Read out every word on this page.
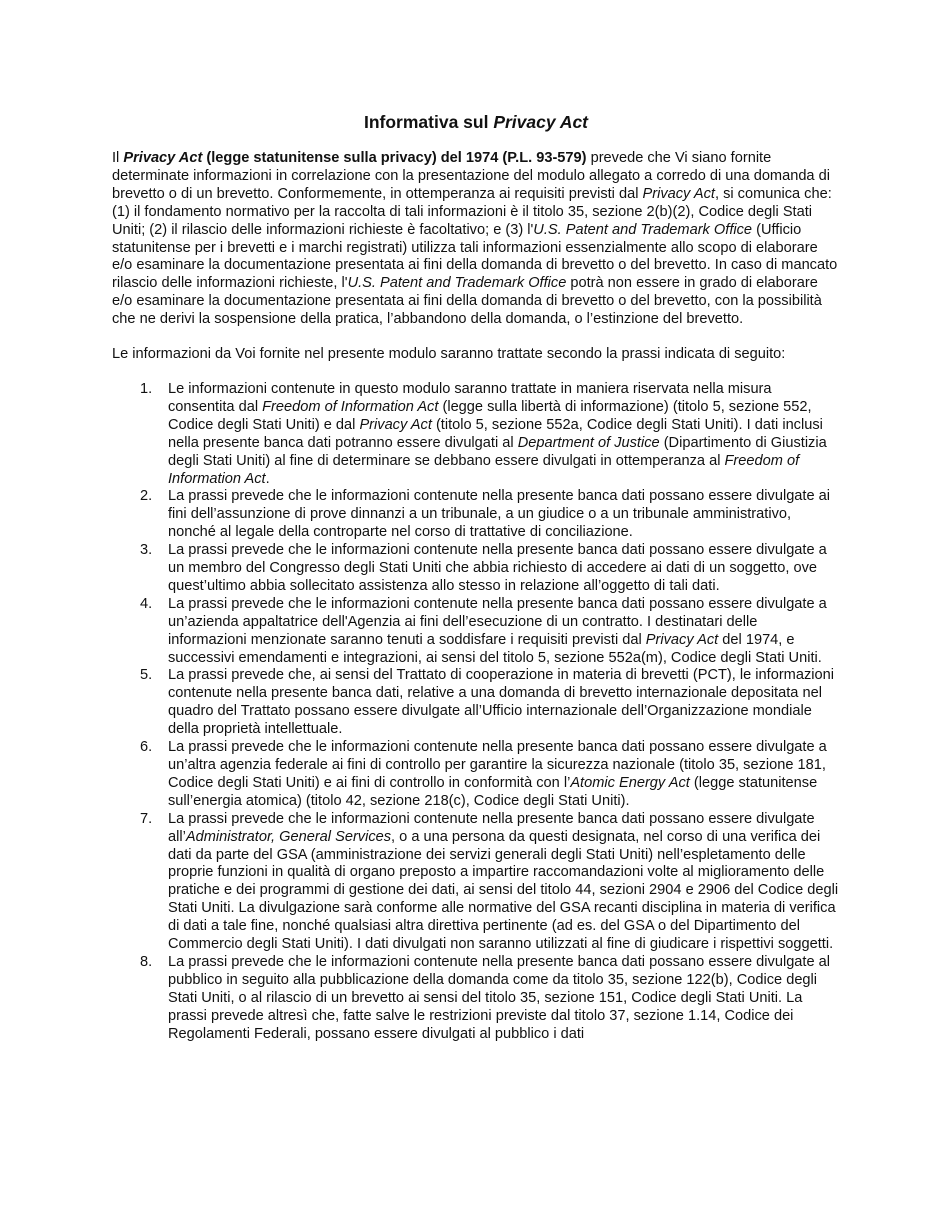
Informativa sul Privacy Act

Il Privacy Act (legge statunitense sulla privacy) del 1974 (P.L. 93-579) prevede che Vi siano fornite determinate informazioni in correlazione con la presentazione del modulo allegato a corredo di una domanda di brevetto o di un brevetto. Conformemente, in ottemperanza ai requisiti previsti dal Privacy Act, si comunica che: (1) il fondamento normativo per la raccolta di tali informazioni è il titolo 35, sezione 2(b)(2), Codice degli Stati Uniti; (2) il rilascio delle informazioni richieste è facoltativo; e (3) l'U.S. Patent and Trademark Office (Ufficio statunitense per i brevetti e i marchi registrati) utilizza tali informazioni essenzialmente allo scopo di elaborare e/o esaminare la documentazione presentata ai fini della domanda di brevetto o del brevetto. In caso di mancato rilascio delle informazioni richieste, l'U.S. Patent and Trademark Office potrà non essere in grado di elaborare e/o esaminare la documentazione presentata ai fini della domanda di brevetto o del brevetto, con la possibilità che ne derivi la sospensione della pratica, l’abbandono della domanda, o l’estinzione del brevetto.

Le informazioni da Voi fornite nel presente modulo saranno trattate secondo la prassi indicata di seguito:

1. Le informazioni contenute in questo modulo saranno trattate in maniera riservata nella misura consentita dal Freedom of Information Act (legge sulla libertà di informazione) (titolo 5, sezione 552, Codice degli Stati Uniti) e dal Privacy Act (titolo 5, sezione 552a, Codice degli Stati Uniti). I dati inclusi nella presente banca dati potranno essere divulgati al Department of Justice (Dipartimento di Giustizia degli Stati Uniti) al fine di determinare se debbano essere divulgati in ottemperanza al Freedom of Information Act.
2. La prassi prevede che le informazioni contenute nella presente banca dati possano essere divulgate ai fini dell’assunzione di prove dinnanzi a un tribunale, a un giudice o a un tribunale amministrativo, nonché al legale della controparte nel corso di trattative di conciliazione.
3. La prassi prevede che le informazioni contenute nella presente banca dati possano essere divulgate a un membro del Congresso degli Stati Uniti che abbia richiesto di accedere ai dati di un soggetto, ove quest’ultimo abbia sollecitato assistenza allo stesso in relazione all’oggetto di tali dati.
4. La prassi prevede che le informazioni contenute nella presente banca dati possano essere divulgate a un’azienda appaltatrice dell'Agenzia ai fini dell’esecuzione di un contratto. I destinatari delle informazioni menzionate saranno tenuti a soddisfare i requisiti previsti dal Privacy Act del 1974, e successivi emendamenti e integrazioni, ai sensi del titolo 5, sezione 552a(m), Codice degli Stati Uniti.
5. La prassi prevede che, ai sensi del Trattato di cooperazione in materia di brevetti (PCT), le informazioni contenute nella presente banca dati, relative a una domanda di brevetto internazionale depositata nel quadro del Trattato possano essere divulgate all’Ufficio internazionale dell’Organizzazione mondiale della proprietà intellettuale.
6. La prassi prevede che le informazioni contenute nella presente banca dati possano essere divulgate a un’altra agenzia federale ai fini di controllo per garantire la sicurezza nazionale (titolo 35, sezione 181, Codice degli Stati Uniti) e ai fini di controllo in conformità con l’Atomic Energy Act (legge statunitense sull’energia atomica) (titolo 42, sezione 218(c), Codice degli Stati Uniti).
7. La prassi prevede che le informazioni contenute nella presente banca dati possano essere divulgate all’Administrator, General Services, o a una persona da questi designata, nel corso di una verifica dei dati da parte del GSA (amministrazione dei servizi generali degli Stati Uniti) nell’espletamento delle proprie funzioni in qualità di organo preposto a impartire raccomandazioni volte al miglioramento delle pratiche e dei programmi di gestione dei dati, ai sensi del titolo 44, sezioni 2904 e 2906 del Codice degli Stati Uniti. La divulgazione sarà conforme alle normative del GSA recanti disciplina in materia di verifica di dati a tale fine, nonché qualsiasi altra direttiva pertinente (ad es. del GSA o del Dipartimento del Commercio degli Stati Uniti). I dati divulgati non saranno utilizzati al fine di giudicare i rispettivi soggetti.
8. La prassi prevede che le informazioni contenute nella presente banca dati possano essere divulgate al pubblico in seguito alla pubblicazione della domanda come da titolo 35, sezione 122(b), Codice degli Stati Uniti, o al rilascio di un brevetto ai sensi del titolo 35, sezione 151, Codice degli Stati Uniti. La prassi prevede altresì che, fatte salve le restrizioni previste dal titolo 37, sezione 1.14, Codice dei Regolamenti Federali, possano essere divulgati al pubblico i dati
